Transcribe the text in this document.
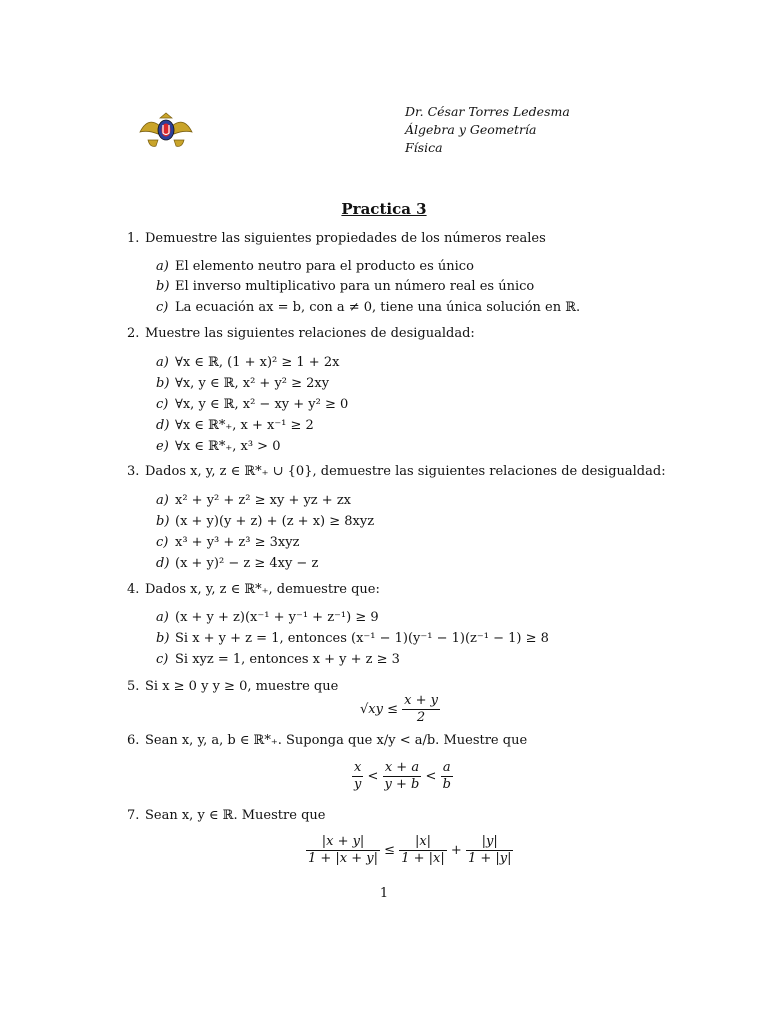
Dr. César Torres Ledesma
Álgebra y Geometría
Física
Practica 3
1. Demuestre las siguientes propiedades de los números reales
a) El elemento neutro para el producto es único
b) El inverso multiplicativo para un número real es único
c) La ecuación ax = b, con a ≠ 0, tiene una única solución en ℝ.
2. Muestre las siguientes relaciones de desigualdad:
a) ∀x ∈ ℝ, (1 + x)² ≥ 1 + 2x
b) ∀x, y ∈ ℝ, x² + y² ≥ 2xy
c) ∀x, y ∈ ℝ, x² − xy + y² ≥ 0
d) ∀x ∈ ℝ*₊, x + x⁻¹ ≥ 2
e) ∀x ∈ ℝ*₊, x³ > 0
3. Dados x, y, z ∈ ℝ*₊ ∪ {0}, demuestre las siguientes relaciones de desigualdad:
a) x² + y² + z² ≥ xy + yz + zx
b) (x + y)(y + z) + (z + x) ≥ 8xyz
c) x³ + y³ + z³ ≥ 3xyz
d) (x + y)² − z ≥ 4xy − z
4. Dados x, y, z ∈ ℝ*₊, demuestre que:
a) (x + y + z)(x⁻¹ + y⁻¹ + z⁻¹) ≥ 9
b) Si x + y + z = 1, entonces (x⁻¹ − 1)(y⁻¹ − 1)(z⁻¹ − 1) ≥ 8
c) Si xyz = 1, entonces x + y + z ≥ 3
5. Si x ≥ 0 y y ≥ 0, muestre que
$√xy \le \frac{x + y}{2}$
6. Sean x, y, a, b ∈ ℝ*₊. Suponga que x/y < a/b. Muestre que
$\frac{x}{y} < \frac{x + a}{y + b} < \frac{a}{b}$
7. Sean x, y ∈ ℝ. Muestre que
$\frac{|x + y|}{1 + |x + y|} \le \frac{|x|}{1 + |x|} + \frac{|y|}{1 + |y|}$
1
